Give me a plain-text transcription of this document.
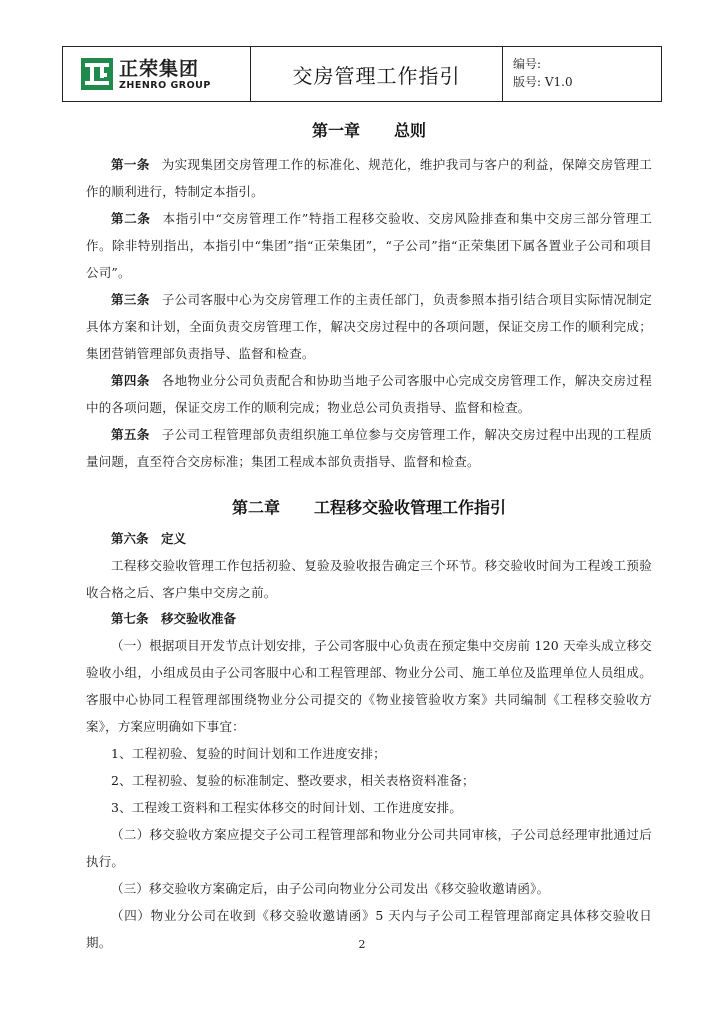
正荣集团
ZHENRO GROUP	交房管理工作指引	编号:
版号: V1.0
第一章 总则

第一条 为实现集团交房管理工作的标准化、规范化，维护我司与客户的利益，保障交房管理工作的顺利进行，特制定本指引。

第二条 本指引中“交房管理工作”特指工程移交验收、交房风险排查和集中交房三部分管理工作。除非特别指出，本指引中“集团”指“正荣集团”，“子公司”指“正荣集团下属各置业子公司和项目公司”。

第三条 子公司客服中心为交房管理工作的主责任部门，负责参照本指引结合项目实际情况制定具体方案和计划，全面负责交房管理工作，解决交房过程中的各项问题，保证交房工作的顺利完成；集团营销管理部负责指导、监督和检查。

第四条 各地物业分公司负责配合和协助当地子公司客服中心完成交房管理工作，解决交房过程中的各项问题，保证交房工作的顺利完成；物业总公司负责指导、监督和检查。

第五条 子公司工程管理部负责组织施工单位参与交房管理工作，解决交房过程中出现的工程质量问题，直至符合交房标准；集团工程成本部负责指导、监督和检查。

第二章 工程移交验收管理工作指引

第六条　定义

工程移交验收管理工作包括初验、复验及验收报告确定三个环节。移交验收时间为工程竣工预验收合格之后、客户集中交房之前。

第七条　移交验收准备

（一）根据项目开发节点计划安排，子公司客服中心负责在预定集中交房前 120 天牵头成立移交验收小组，小组成员由子公司客服中心和工程管理部、物业分公司、施工单位及监理单位人员组成。客服中心协同工程管理部围绕物业分公司提交的《物业接管验收方案》共同编制《工程移交验收方案》，方案应明确如下事宜：

1、工程初验、复验的时间计划和工作进度安排；

2、工程初验、复验的标准制定、整改要求，相关表格资料准备；

3、工程竣工资料和工程实体移交的时间计划、工作进度安排。

（二）移交验收方案应提交子公司工程管理部和物业分公司共同审核，子公司总经理审批通过后执行。

（三）移交验收方案确定后，由子公司向物业分公司发出《移交验收邀请函》。

（四）物业分公司在收到《移交验收邀请函》5 天内与子公司工程管理部商定具体移交验收日期。	2
